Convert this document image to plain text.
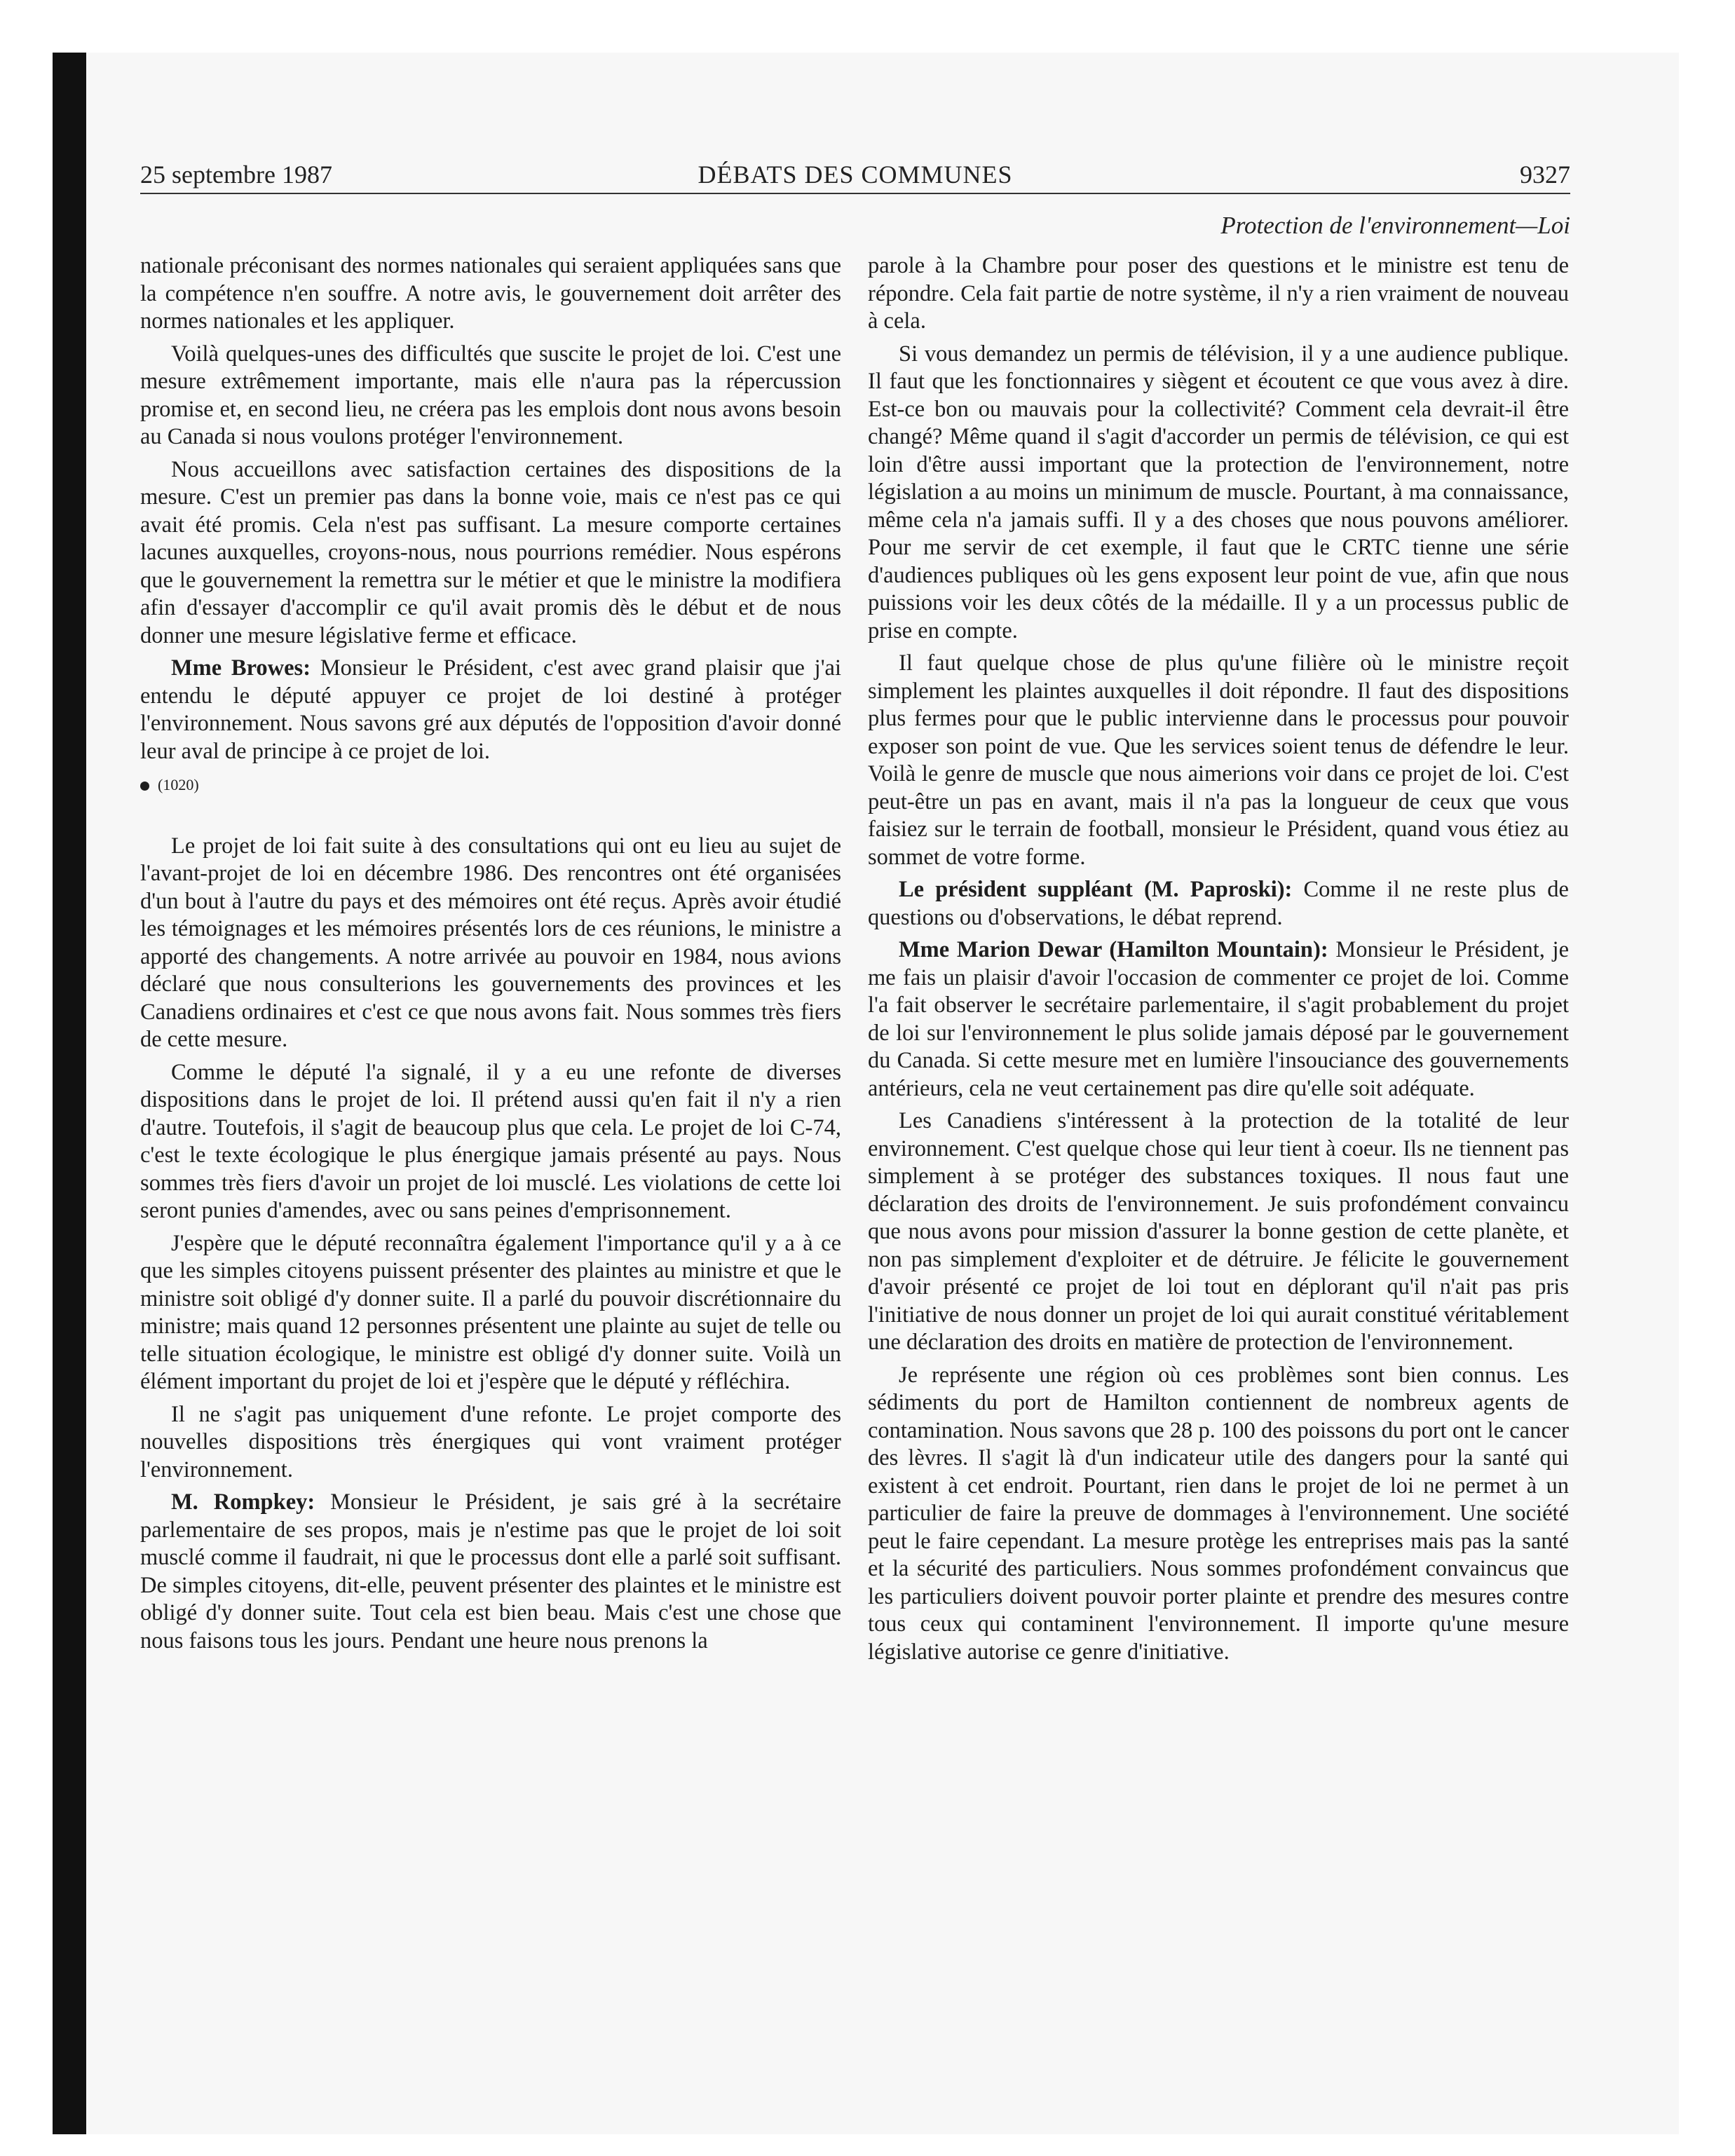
25 septembre 1987	DÉBATS DES COMMUNES	9327
Protection de l'environnement—Loi

nationale préconisant des normes nationales qui seraient appliquées sans que la compétence n'en souffre. A notre avis, le gouvernement doit arrêter des normes nationales et les appliquer.

Voilà quelques-unes des difficultés que suscite le projet de loi. C'est une mesure extrêmement importante, mais elle n'aura pas la répercussion promise et, en second lieu, ne créera pas les emplois dont nous avons besoin au Canada si nous voulons protéger l'environnement.

Nous accueillons avec satisfaction certaines des dispositions de la mesure. C'est un premier pas dans la bonne voie, mais ce n'est pas ce qui avait été promis. Cela n'est pas suffisant. La mesure comporte certaines lacunes auxquelles, croyons-nous, nous pourrions remédier. Nous espérons que le gouvernement la remettra sur le métier et que le ministre la modifiera afin d'essayer d'accomplir ce qu'il avait promis dès le début et de nous donner une mesure législative ferme et efficace.

Mme Browes: Monsieur le Président, c'est avec grand plaisir que j'ai entendu le député appuyer ce projet de loi destiné à protéger l'environnement. Nous savons gré aux députés de l'opposition d'avoir donné leur aval de principe à ce projet de loi.

(1020)

Le projet de loi fait suite à des consultations qui ont eu lieu au sujet de l'avant-projet de loi en décembre 1986. Des rencontres ont été organisées d'un bout à l'autre du pays et des mémoires ont été reçus. Après avoir étudié les témoignages et les mémoires présentés lors de ces réunions, le ministre a apporté des changements. A notre arrivée au pouvoir en 1984, nous avions déclaré que nous consulterions les gouvernements des provinces et les Canadiens ordinaires et c'est ce que nous avons fait. Nous sommes très fiers de cette mesure.

Comme le député l'a signalé, il y a eu une refonte de diverses dispositions dans le projet de loi. Il prétend aussi qu'en fait il n'y a rien d'autre. Toutefois, il s'agit de beaucoup plus que cela. Le projet de loi C-74, c'est le texte écologique le plus énergique jamais présenté au pays. Nous sommes très fiers d'avoir un projet de loi musclé. Les violations de cette loi seront punies d'amendes, avec ou sans peines d'emprisonnement.

J'espère que le député reconnaîtra également l'importance qu'il y a à ce que les simples citoyens puissent présenter des plaintes au ministre et que le ministre soit obligé d'y donner suite. Il a parlé du pouvoir discrétionnaire du ministre; mais quand 12 personnes présentent une plainte au sujet de telle ou telle situation écologique, le ministre est obligé d'y donner suite. Voilà un élément important du projet de loi et j'espère que le député y réfléchira.

Il ne s'agit pas uniquement d'une refonte. Le projet comporte des nouvelles dispositions très énergiques qui vont vraiment protéger l'environnement.

M. Rompkey: Monsieur le Président, je sais gré à la secrétaire parlementaire de ses propos, mais je n'estime pas que le projet de loi soit musclé comme il faudrait, ni que le processus dont elle a parlé soit suffisant. De simples citoyens, dit-elle, peuvent présenter des plaintes et le ministre est obligé d'y donner suite. Tout cela est bien beau. Mais c'est une chose que nous faisons tous les jours. Pendant une heure nous prenons la

parole à la Chambre pour poser des questions et le ministre est tenu de répondre. Cela fait partie de notre système, il n'y a rien vraiment de nouveau à cela.

Si vous demandez un permis de télévision, il y a une audience publique. Il faut que les fonctionnaires y siègent et écoutent ce que vous avez à dire. Est-ce bon ou mauvais pour la collectivité? Comment cela devrait-il être changé? Même quand il s'agit d'accorder un permis de télévision, ce qui est loin d'être aussi important que la protection de l'environnement, notre législation a au moins un minimum de muscle. Pourtant, à ma connaissance, même cela n'a jamais suffi. Il y a des choses que nous pouvons améliorer. Pour me servir de cet exemple, il faut que le CRTC tienne une série d'audiences publiques où les gens exposent leur point de vue, afin que nous puissions voir les deux côtés de la médaille. Il y a un processus public de prise en compte.

Il faut quelque chose de plus qu'une filière où le ministre reçoit simplement les plaintes auxquelles il doit répondre. Il faut des dispositions plus fermes pour que le public intervienne dans le processus pour pouvoir exposer son point de vue. Que les services soient tenus de défendre le leur. Voilà le genre de muscle que nous aimerions voir dans ce projet de loi. C'est peut-être un pas en avant, mais il n'a pas la longueur de ceux que vous faisiez sur le terrain de football, monsieur le Président, quand vous étiez au sommet de votre forme.

Le président suppléant (M. Paproski): Comme il ne reste plus de questions ou d'observations, le débat reprend.

Mme Marion Dewar (Hamilton Mountain): Monsieur le Président, je me fais un plaisir d'avoir l'occasion de commenter ce projet de loi. Comme l'a fait observer le secrétaire parlementaire, il s'agit probablement du projet de loi sur l'environnement le plus solide jamais déposé par le gouvernement du Canada. Si cette mesure met en lumière l'insouciance des gouvernements antérieurs, cela ne veut certainement pas dire qu'elle soit adéquate.

Les Canadiens s'intéressent à la protection de la totalité de leur environnement. C'est quelque chose qui leur tient à coeur. Ils ne tiennent pas simplement à se protéger des substances toxiques. Il nous faut une déclaration des droits de l'environnement. Je suis profondément convaincu que nous avons pour mission d'assurer la bonne gestion de cette planète, et non pas simplement d'exploiter et de détruire. Je félicite le gouvernement d'avoir présenté ce projet de loi tout en déplorant qu'il n'ait pas pris l'initiative de nous donner un projet de loi qui aurait constitué véritablement une déclaration des droits en matière de protection de l'environnement.

Je représente une région où ces problèmes sont bien connus. Les sédiments du port de Hamilton contiennent de nombreux agents de contamination. Nous savons que 28 p. 100 des poissons du port ont le cancer des lèvres. Il s'agit là d'un indicateur utile des dangers pour la santé qui existent à cet endroit. Pourtant, rien dans le projet de loi ne permet à un particulier de faire la preuve de dommages à l'environnement. Une société peut le faire cependant. La mesure protège les entreprises mais pas la santé et la sécurité des particuliers. Nous sommes profondément convaincus que les particuliers doivent pouvoir porter plainte et prendre des mesures contre tous ceux qui contaminent l'environnement. Il importe qu'une mesure législative autorise ce genre d'initiative.
